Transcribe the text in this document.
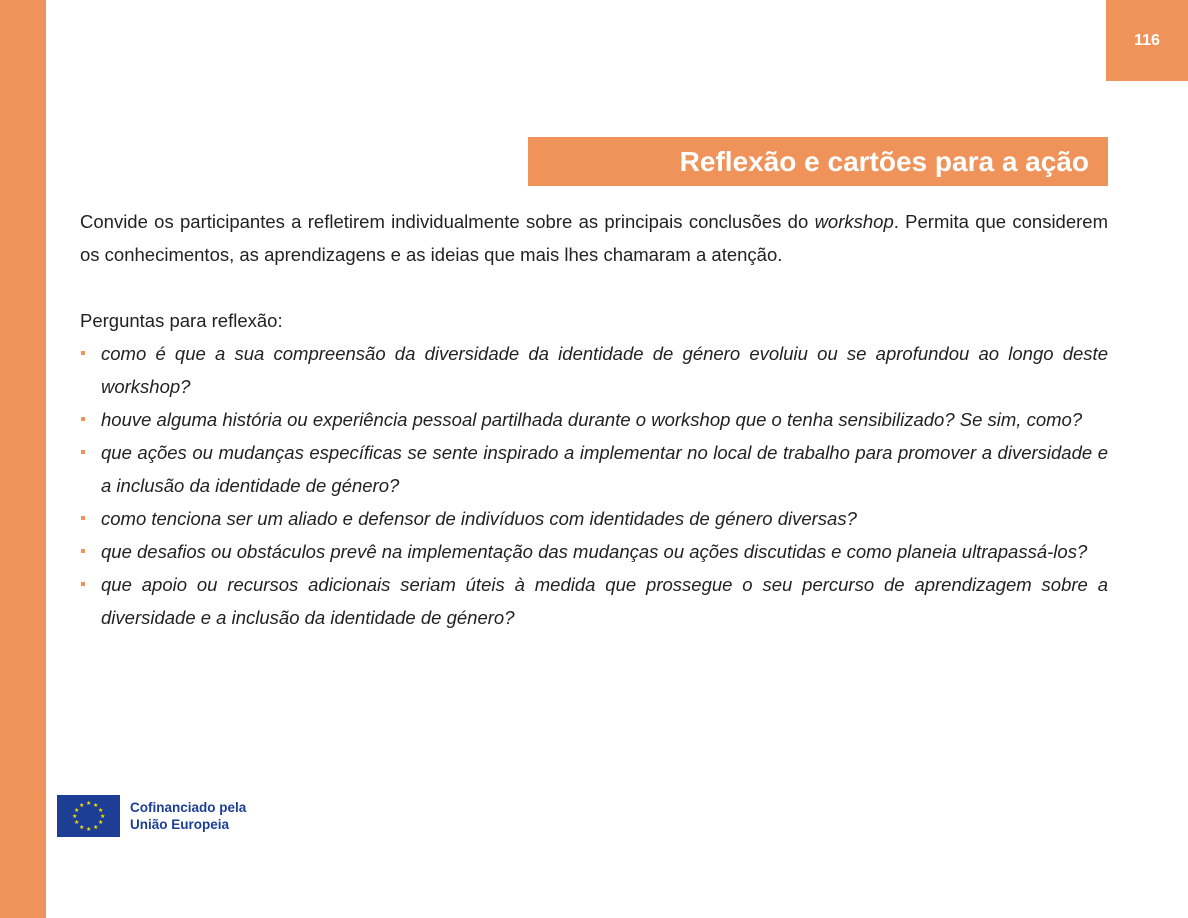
116
Reflexão e cartões para a ação

Convide os participantes a refletirem individualmente sobre as principais conclusões do workshop. Permita que considerem os conhecimentos, as aprendizagens e as ideias que mais lhes chamaram a atenção.

Perguntas para reflexão:

como é que a sua compreensão da diversidade da identidade de género evoluiu ou se aprofundou ao longo deste workshop?
houve alguma história ou experiência pessoal partilhada durante o workshop que o tenha sensibilizado? Se sim, como?
que ações ou mudanças específicas se sente inspirado a implementar no local de trabalho para promover a diversidade e a inclusão da identidade de género?
como tenciona ser um aliado e defensor de indivíduos com identidades de género diversas?
que desafios ou obstáculos prevê na implementação das mudanças ou ações discutidas e como planeia ultrapassá-los?
que apoio ou recursos adicionais seriam úteis à medida que prossegue o seu percurso de aprendizagem sobre a diversidade e a inclusão da identidade de género?
★ ★
★
★
★
★
★
★
★
★
★
★	Cofinanciado pela
União Europeia
